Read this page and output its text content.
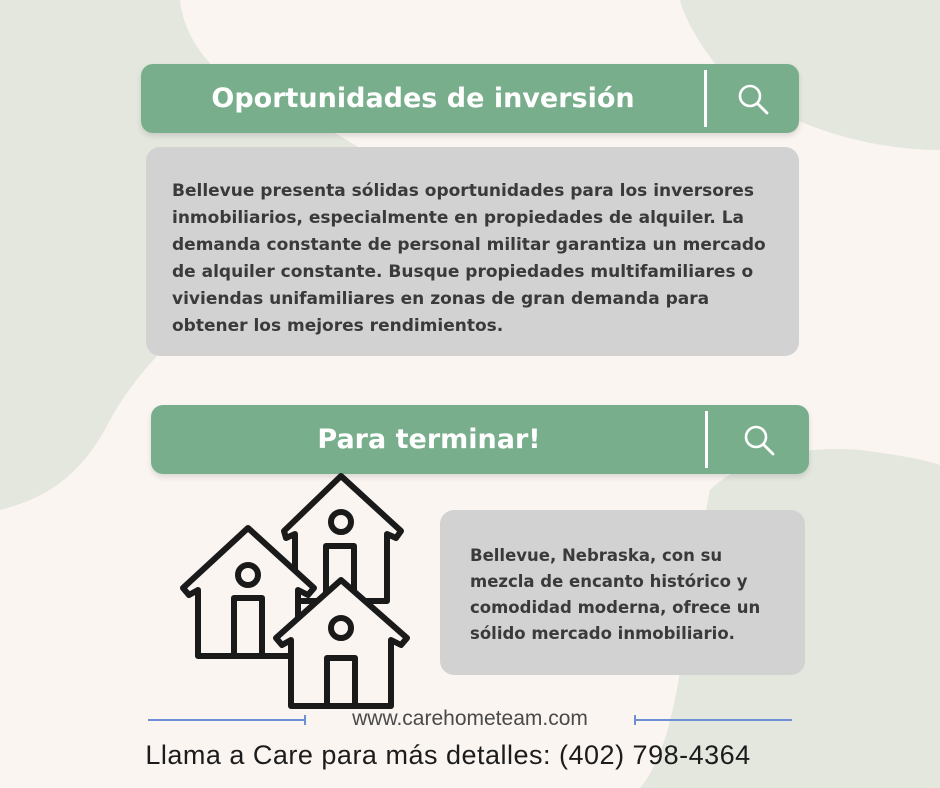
Oportunidades de inversión
Bellevue presenta sólidas oportunidades para los inversores inmobiliarios, especialmente en propiedades de alquiler. La demanda constante de personal militar garantiza un mercado de alquiler constante. Busque propiedades multifamiliares o viviendas unifamiliares en zonas de gran demanda para obtener los mejores rendimientos.
Para terminar!
Bellevue, Nebraska, con su mezcla de encanto histórico y comodidad moderna, ofrece un sólido mercado inmobiliario.
www.carehometeam.com
Llama a Care para más detalles: (402) 798-4364
